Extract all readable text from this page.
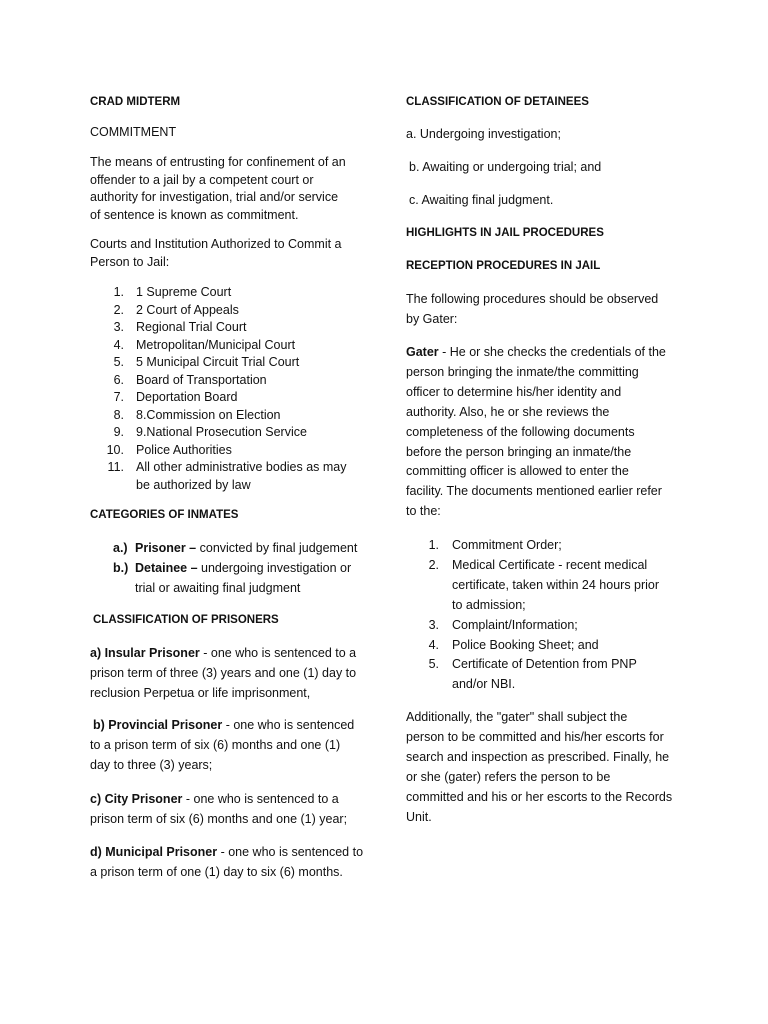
CRAD MIDTERM
COMMITMENT
The means of entrusting for confinement of an
offender to a jail by a competent court or
authority for investigation, trial and/or service
of sentence is known as commitment.
Courts and Institution Authorized to Commit a
Person to Jail:
1. 1 Supreme Court
2. 2 Court of Appeals
3. Regional Trial Court
4. Metropolitan/Municipal Court
5. 5 Municipal Circuit Trial Court
6. Board of Transportation
7. Deportation Board
8. 8.Commission on Election
9. 9.National Prosecution Service
10. Police Authorities
11. All other administrative bodies as may
be authorized by law
CATEGORIES OF INMATES
a.) Prisoner – convicted by final judgement
b.) Detainee – undergoing investigation or
trial or awaiting final judgment
CLASSIFICATION OF PRISONERS
a) Insular Prisoner - one who is sentenced to a
prison term of three (3) years and one (1) day to
reclusion Perpetua or life imprisonment,
b) Provincial Prisoner - one who is sentenced
to a prison term of six (6) months and one (1)
day to three (3) years;
c) City Prisoner - one who is sentenced to a
prison term of six (6) months and one (1) year;
d) Municipal Prisoner - one who is sentenced to
a prison term of one (1) day to six (6) months.
CLASSIFICATION OF DETAINEES
a. Undergoing investigation;
b. Awaiting or undergoing trial; and
c. Awaiting final judgment.
HIGHLIGHTS IN JAIL PROCEDURES
RECEPTION PROCEDURES IN JAIL
The following procedures should be observed
by Gater:
Gater - He or she checks the credentials of the
person bringing the inmate/the committing
officer to determine his/her identity and
authority. Also, he or she reviews the
completeness of the following documents
before the person bringing an inmate/the
committing officer is allowed to enter the
facility. The documents mentioned earlier refer
to the:
1. Commitment Order;
2. Medical Certificate - recent medical
certificate, taken within 24 hours prior
to admission;
3. Complaint/Information;
4. Police Booking Sheet; and
5. Certificate of Detention from PNP
and/or NBI.
Additionally, the "gater" shall subject the
person to be committed and his/her escorts for
search and inspection as prescribed. Finally, he
or she (gater) refers the person to be
committed and his or her escorts to the Records
Unit.
